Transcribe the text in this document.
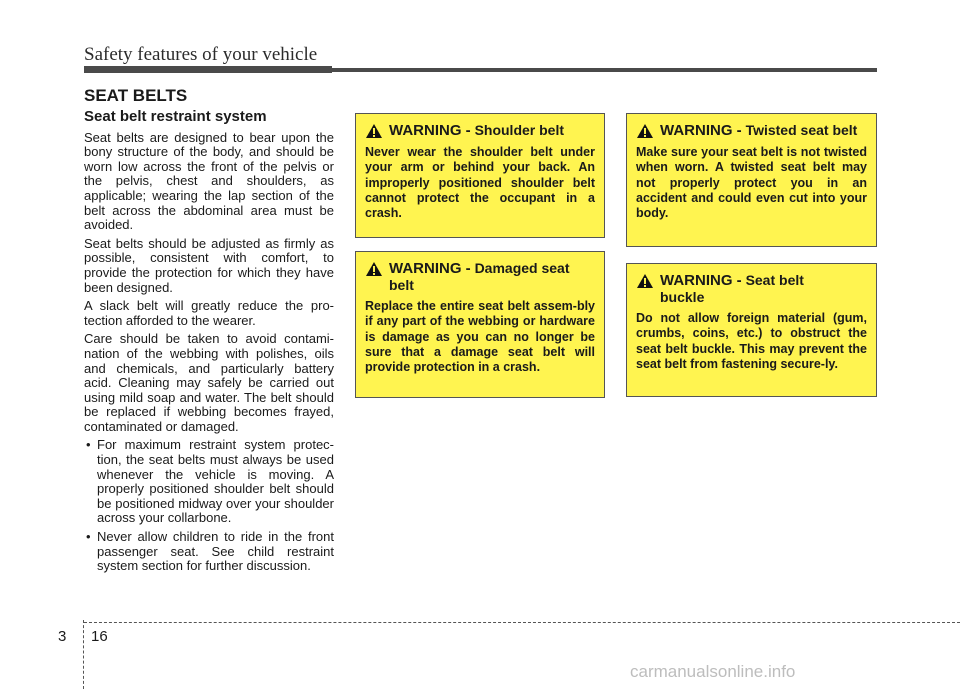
Safety features of your vehicle
SEAT BELTS
Seat belt restraint system

Seat belts are designed to bear upon the bony structure of the body, and should be worn low across the front of the pelvis or the pelvis, chest and shoulders, as applicable; wearing the lap section of the belt across the abdominal area must be avoided.

Seat belts should be adjusted as firmly as possible, consistent with comfort, to provide the protection for which they have been designed.

A slack belt will greatly reduce the pro-tection afforded to the wearer.

Care should be taken to avoid contami-nation of the webbing with polishes, oils and chemicals, and particularly battery acid. Cleaning may safely be carried out using mild soap and water. The belt should be replaced if webbing becomes frayed, contaminated or damaged.

• For maximum restraint system protec-tion, the seat belts must always be used whenever the vehicle is moving. A properly positioned shoulder belt should be positioned midway over your shoulder across your collarbone.
• Never allow children to ride in the front passenger seat. See child restraint system section for further discussion.
WARNING - Shoulder belt
Never wear the shoulder belt under your arm or behind your back. An improperly positioned shoulder belt cannot protect the occupant in a crash.
WARNING - Damaged seat belt
Replace the entire seat belt assem-bly if any part of the webbing or hardware is damage as you can no longer be sure that a damage seat belt will provide protection in a crash.
WARNING - Twisted seat belt
Make sure your seat belt is not twisted when worn. A twisted seat belt may not properly protect you in an accident and could even cut into your body.
WARNING - Seat belt buckle
Do not allow foreign material (gum, crumbs, coins, etc.) to obstruct the seat belt buckle. This may prevent the seat belt from fastening secure-ly.
3 16
carmanualsonline.info
